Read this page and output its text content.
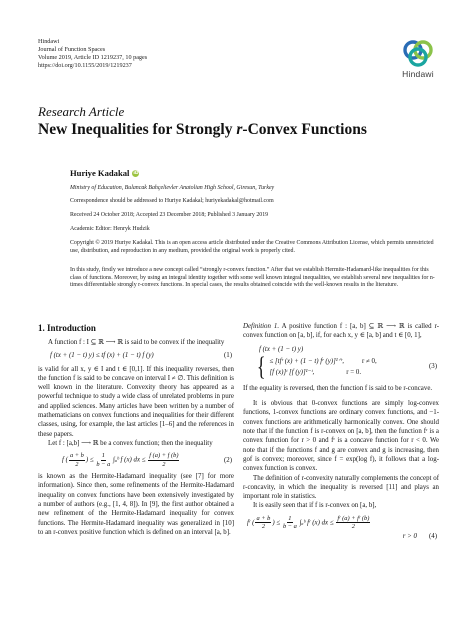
Hindawi
Journal of Function Spaces
Volume 2019, Article ID 1219237, 10 pages
https://doi.org/10.1155/2019/1219237
Hindawi
Research Article
New Inequalities for Strongly r-Convex Functions
Huriye Kadakal iD
Ministry of Education, Bulancak Bahçelievler Anatolian High School, Giresun, Turkey
Correspondence should be addressed to Huriye Kadakal; huriyekadakal@hotmail.com
Received 24 October 2018; Accepted 23 December 2018; Published 3 January 2019
Academic Editor: Henryk Hudzik
Copyright © 2019 Huriye Kadakal. This is an open access article distributed under the Creative Commons Attribution License, which permits unrestricted use, distribution, and reproduction in any medium, provided the original work is properly cited.
In this study, firstly we introduce a new concept called “strongly r-convex function.” After that we establish Hermite-Hadamard-like inequalities for this class of functions. Moreover, by using an integral identity together with some well known integral inequalities, we establish several new inequalities for n-times differentiable strongly r-convex functions. In special cases, the results obtained coincide with the well-known results in the literature.
1. Introduction

A function f : I ⊆ ℝ ⟶ ℝ is said to be convex if the inequality

f (tx + (1 − t) y) ≤ tf (x) + (1 − t) f (y)	(1)

is valid for all x, y ∈ I and t ∈ [0,1]. If this inequality reverses, then the function f is said to be concave on interval I ≠ ∅. This definition is well known in the literature. Convexity theory has appeared as a powerful technique to study a wide class of unrelated problems in pure and applied sciences. Many articles have been written by a number of mathematicians on convex functions and inequalities for their different classes, using, for example, the last articles [1–6] and the references in these papers.

Let f : [a,b] ⟶ ℝ be a convex function; then the inequality

f ( $\frac{a + b}{2}$ ) ≤ $\frac{1}{b - a}$ ∫ₐᵇ f (x) dx ≤ $\frac{f (a) + f (b)}{2}$	(2)

is known as the Hermite-Hadamard inequality (see [7] for more information). Since then, some refinements of the Hermite-Hadamard inequality on convex functions have been extensively investigated by a number of authors (e.g., [1, 4, 8]). In [9], the first author obtained a new refinement of the Hermite-Hadamard inequality for convex functions. The Hermite-Hadamard inequality was generalized in [10] to an r-convex positive function which is defined on an interval [a, b].

Definition 1. A positive function f : [a, b] ⊆ ℝ ⟶ ℝ is called r-convex function on [a, b], if, for each x, y ∈ [a, b] and t ∈ [0, 1],

f (tx + (1 − t) y)
{ ≤ [tfʳ (x) + (1 − t) fʳ (y)]¹ᐟʳ,	r ≠ 0,
[f (x)]ᵗ [f (y)]¹⁻ᵗ,	r = 0.
(3)

If the equality is reversed, then the function f is said to be r-concave.

It is obvious that 0-convex functions are simply log-convex functions, 1-convex functions are ordinary convex functions, and −1-convex functions are arithmetically harmonically convex. One should note that if the function f is r-convex on [a, b], then the function fʳ is a convex function for r > 0 and fʳ is a concave function for r < 0. We note that if the functions f and g are convex and g is increasing, then gof is convex; moreover, since f = exp(log f), it follows that a log-convex function is convex.

The definition of r-convexity naturally complements the concept of r-concavity, in which the inequality is reversed [11] and plays an important role in statistics.

It is easily seen that if f is r-convex on [a, b],

fʳ ( $\frac{a + b}{2}$ ) ≤ $\frac{1}{b - a}$ ∫ₐᵇ fʳ (x) dx ≤ $\frac{\text{fʳ (a) + fʳ (b)}}{2}$
r > 0 (4)
